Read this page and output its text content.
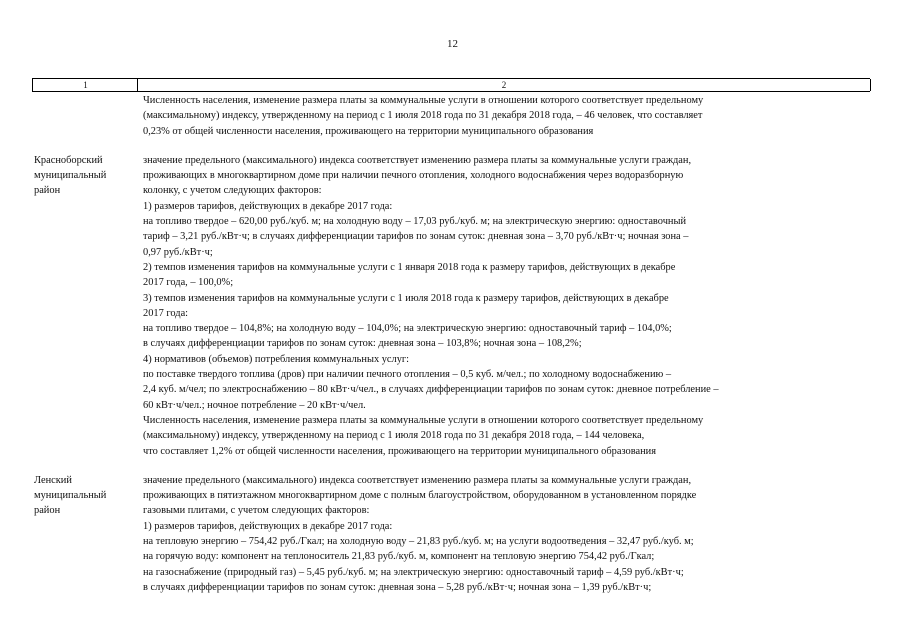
12
1	2
Численность населения, изменение размера платы за коммунальные услуги в отношении которого соответствует предельному
(максимальному) индексу, утвержденному на период с 1 июля 2018 года по 31 декабря 2018 года, – 46 человек, что составляет
0,23% от общей численности населения, проживающего на территории муниципального образования
Красноборский муниципальный район
значение предельного (максимального) индекса соответствует изменению размера платы за коммунальные услуги граждан,
проживающих в многоквартирном доме при наличии печного отопления, холодного водоснабжения через водоразборную
колонку, с учетом следующих факторов:
1) размеров тарифов, действующих в декабре 2017 года:
на топливо твердое – 620,00 руб./куб. м; на холодную воду – 17,03 руб./куб. м; на электрическую энергию: одноставочный
тариф – 3,21 руб./кВт·ч; в случаях дифференциации тарифов по зонам суток: дневная зона – 3,70 руб./кВт·ч; ночная зона –
0,97 руб./кВт·ч;
2) темпов изменения тарифов на коммунальные услуги с 1 января 2018 года к размеру тарифов, действующих в декабре
2017 года, – 100,0%;
3) темпов изменения тарифов на коммунальные услуги с 1 июля 2018 года к размеру тарифов, действующих в декабре
2017 года:
на топливо твердое – 104,8%; на холодную воду – 104,0%; на электрическую энергию: одноставочный тариф – 104,0%;
в случаях дифференциации тарифов по зонам суток: дневная зона – 103,8%; ночная зона – 108,2%;
4) нормативов (объемов) потребления коммунальных услуг:
по поставке твердого топлива (дров) при наличии печного отопления – 0,5 куб. м/чел.; по холодному водоснабжению –
2,4 куб. м/чел; по электроснабжению – 80 кВт·ч/чел., в случаях дифференциации тарифов по зонам суток: дневное потребление –
60 кВт·ч/чел.; ночное потребление – 20 кВт·ч/чел.
Численность населения, изменение размера платы за коммунальные услуги в отношении которого соответствует предельному
(максимальному) индексу, утвержденному на период с 1 июля 2018 года по 31 декабря 2018 года, – 144 человека,
что составляет 1,2% от общей численности населения, проживающего на территории муниципального образования
Ленский муниципальный район
значение предельного (максимального) индекса соответствует изменению размера платы за коммунальные услуги граждан,
проживающих в пятиэтажном многоквартирном доме с полным благоустройством, оборудованном в установленном порядке
газовыми плитами, с учетом следующих факторов:
1) размеров тарифов, действующих в декабре 2017 года:
на тепловую энергию – 754,42 руб./Гкал; на холодную воду – 21,83 руб./куб. м; на услуги водоотведения – 32,47 руб./куб. м;
на горячую воду: компонент на теплоноситель 21,83 руб./куб. м, компонент на тепловую энергию 754,42 руб./Гкал;
на газоснабжение (природный газ) – 5,45 руб./куб. м; на электрическую энергию: одноставочный тариф – 4,59 руб./кВт·ч;
в случаях дифференциации тарифов по зонам суток: дневная зона – 5,28 руб./кВт·ч; ночная зона – 1,39 руб./кВт·ч;
